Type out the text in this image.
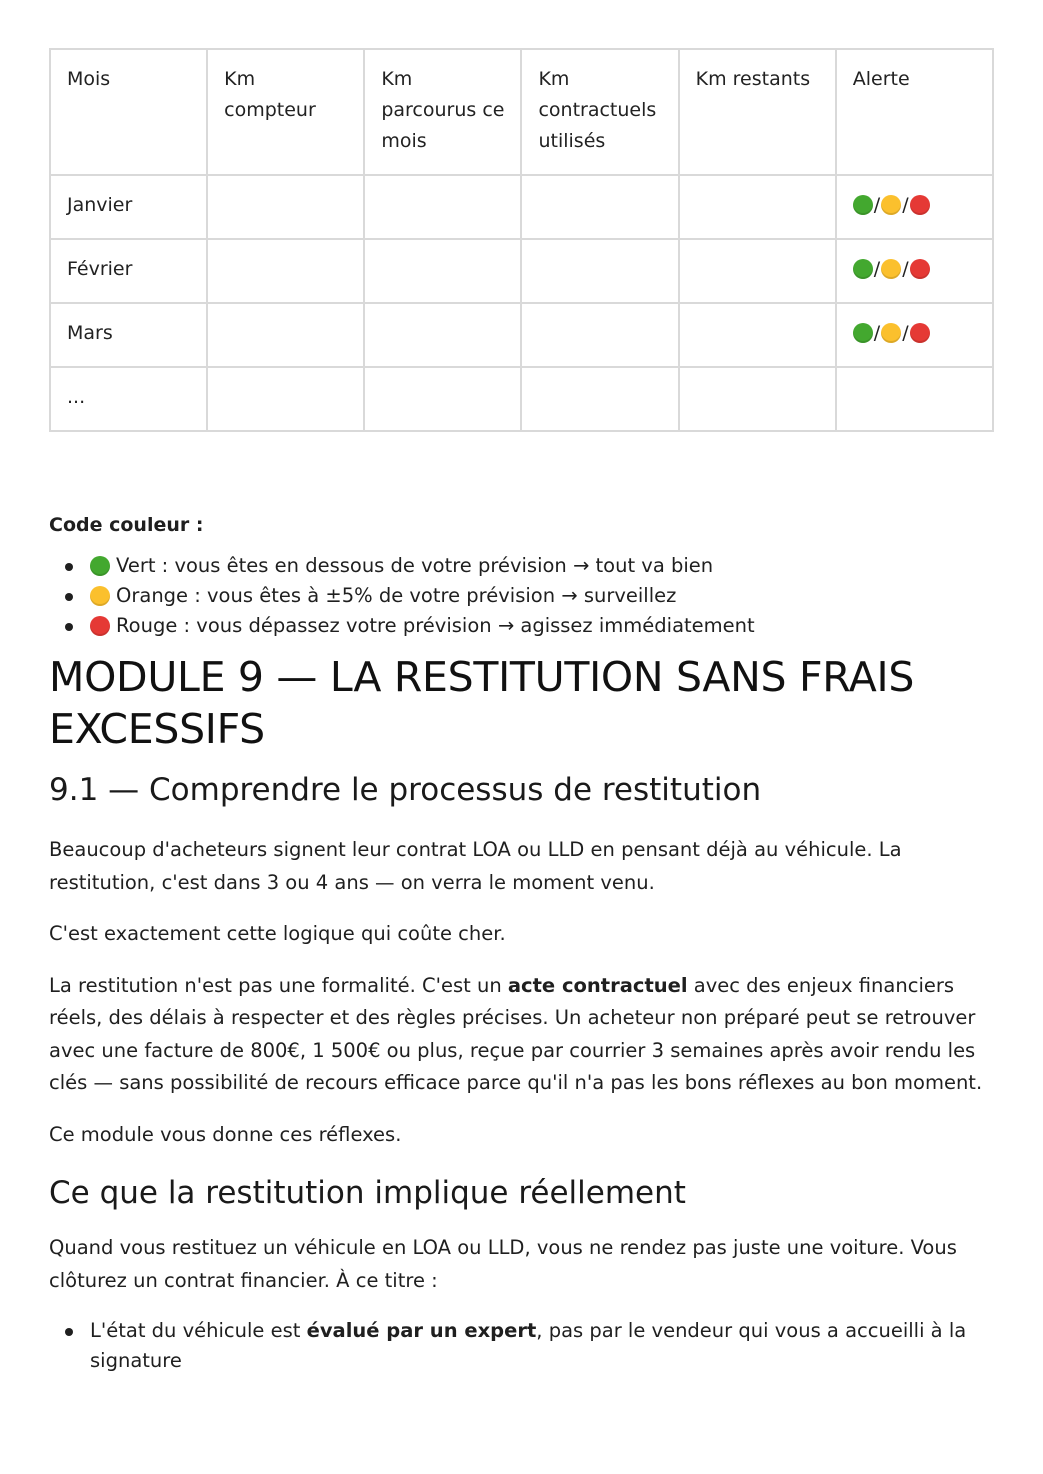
Mois	Km compteur	Km parcourus ce mois	Km contractuels utilisés	Km restants	Alerte
Janvier					/ /
Février					/ /
Mars					/ /
...					
Code couleur :
Vert : vous êtes en dessous de votre prévision → tout va bien
Orange : vous êtes à ±5% de votre prévision → surveillez
Rouge : vous dépassez votre prévision → agissez immédiatement
MODULE 9 — LA RESTITUTION SANS FRAIS EXCESSIFS
9.1 — Comprendre le processus de restitution

Beaucoup d'acheteurs signent leur contrat LOA ou LLD en pensant déjà au véhicule. La restitution, c'est dans 3 ou 4 ans — on verra le moment venu.

C'est exactement cette logique qui coûte cher.

La restitution n'est pas une formalité. C'est un acte contractuel avec des enjeux financiers réels, des délais à respecter et des règles précises. Un acheteur non préparé peut se retrouver avec une facture de 800€, 1 500€ ou plus, reçue par courrier 3 semaines après avoir rendu les clés — sans possibilité de recours efficace parce qu'il n'a pas les bons réflexes au bon moment.

Ce module vous donne ces réflexes.

Ce que la restitution implique réellement

Quand vous restituez un véhicule en LOA ou LLD, vous ne rendez pas juste une voiture. Vous clôturez un contrat financier. À ce titre :

L'état du véhicule est évalué par un expert, pas par le vendeur qui vous a accueilli à la signature
